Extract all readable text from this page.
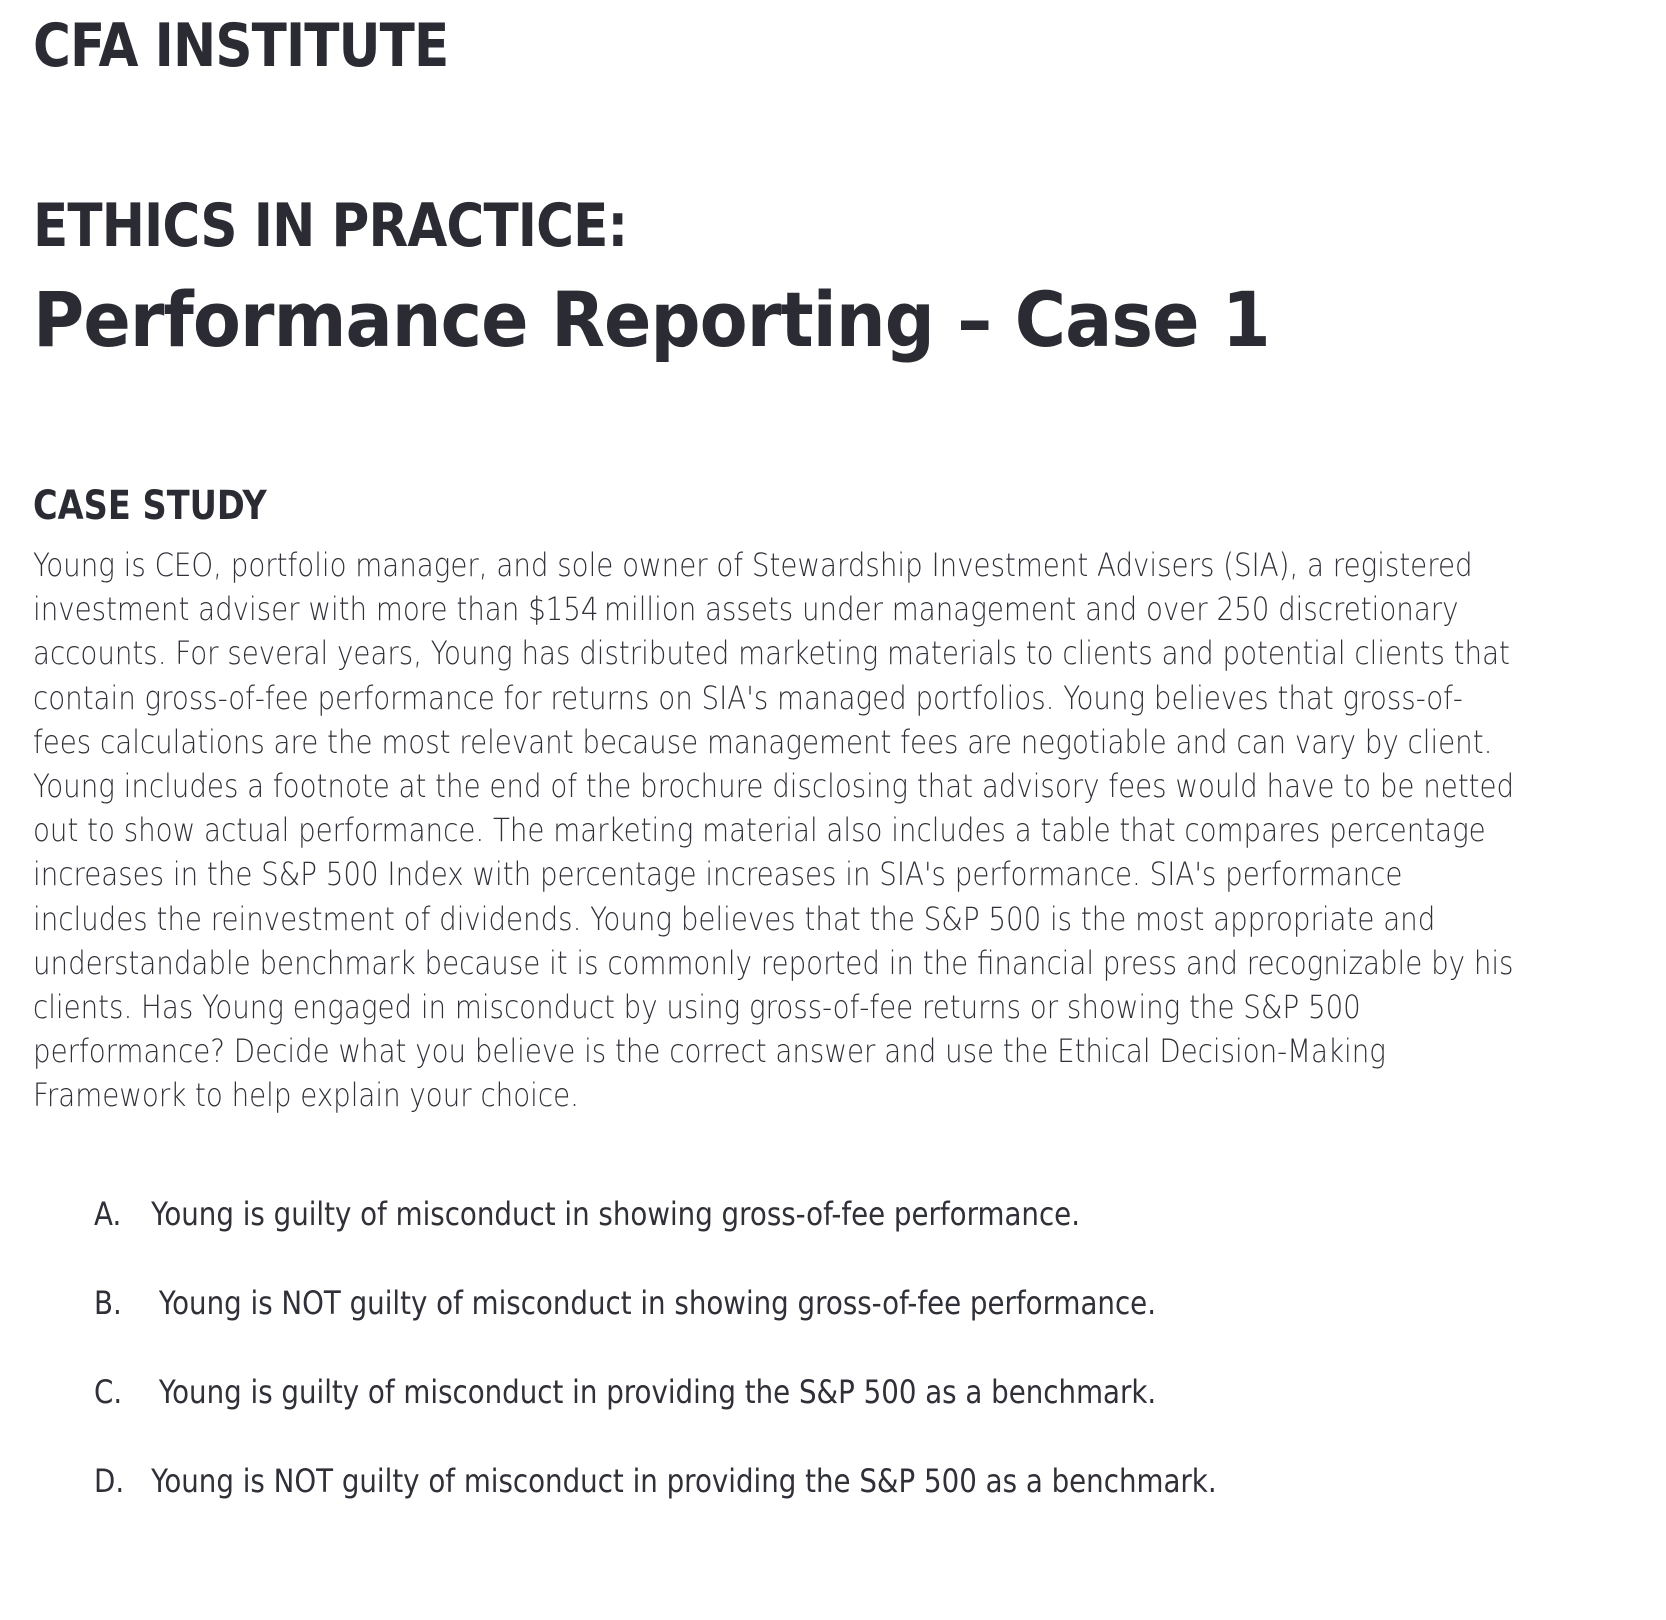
CFA INSTITUTE
ETHICS IN PRACTICE:
Performance Reporting – Case 1
CASE STUDY

Young is CEO, portfolio manager, and sole owner of Stewardship Investment Advisers (SIA), a registered investment adviser with more than $154 million assets under management and over 250 discretionary accounts. For several years, Young has distributed marketing materials to clients and potential clients that contain gross-of-fee performance for returns on SIA's managed portfolios. Young believes that gross-of-fees calculations are the most relevant because management fees are negotiable and can vary by client. Young includes a footnote at the end of the brochure disclosing that advisory fees would have to be netted out to show actual performance. The marketing material also includes a table that compares percentage increases in the S&P 500 Index with percentage increases in SIA's performance. SIA's performance includes the reinvestment of dividends. Young believes that the S&P 500 is the most appropriate and understandable benchmark because it is commonly reported in the financial press and recognizable by his clients. Has Young engaged in misconduct by using gross-of-fee returns or showing the S&P 500 performance? Decide what you believe is the correct answer and use the Ethical Decision-Making Framework to help explain your choice.

A. Young is guilty of misconduct in showing gross-of-fee performance.
B. Young is NOT guilty of misconduct in showing gross-of-fee performance.
C. Young is guilty of misconduct in providing the S&P 500 as a benchmark.
D. Young is NOT guilty of misconduct in providing the S&P 500 as a benchmark.
